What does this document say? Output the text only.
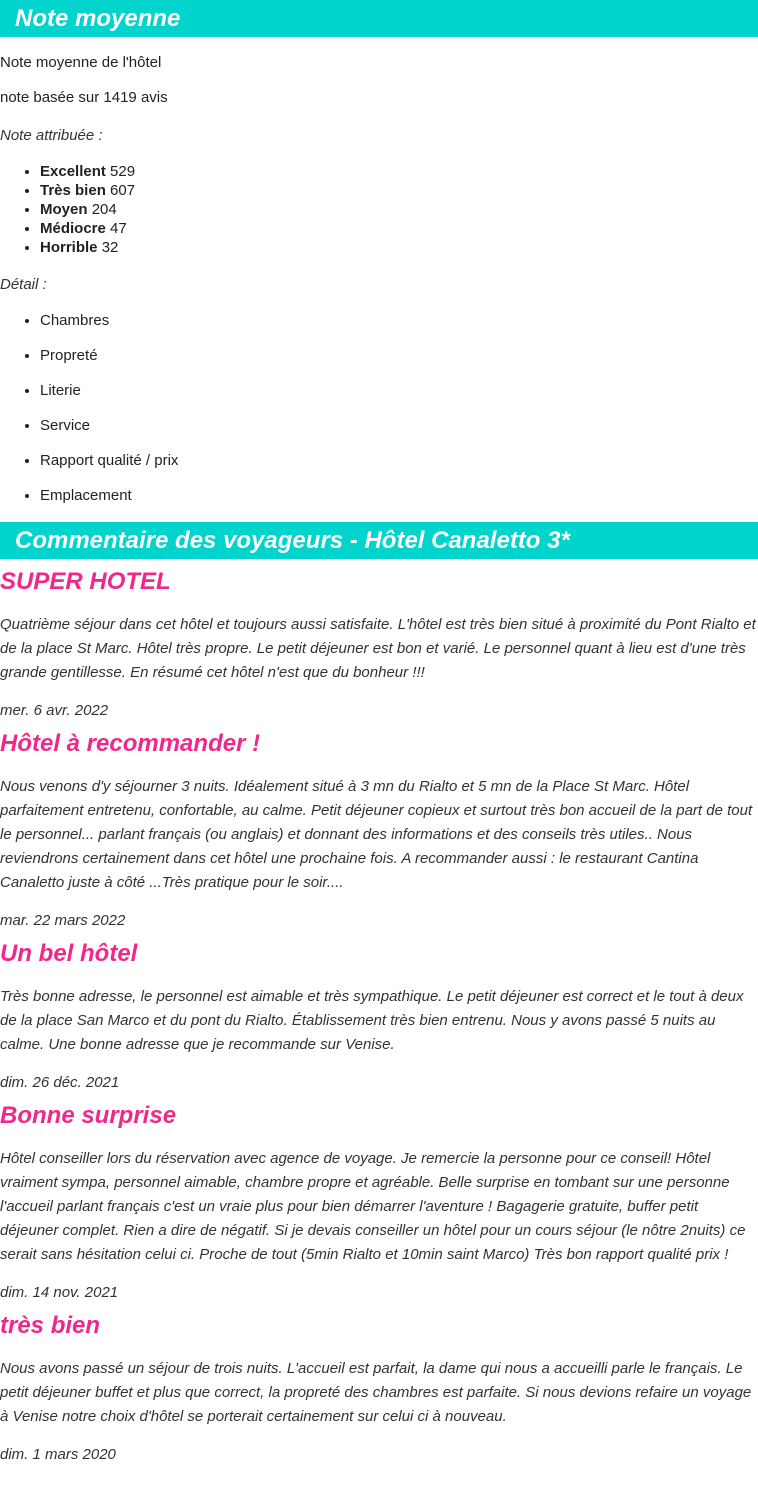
Note moyenne

Note moyenne de l'hôtel

note basée sur 1419 avis

Note attribuée :

• Excellent 529
• Très bien 607
• Moyen 204
• Médiocre 47
• Horrible 32

Détail :

• Chambres
• Propreté
• Literie
• Service
• Rapport qualité / prix
• Emplacement
Commentaire des voyageurs - Hôtel Canaletto 3*
SUPER HOTEL

Quatrième séjour dans cet hôtel et toujours aussi satisfaite. L'hôtel est très bien situé à proximité du Pont Rialto et de la place St Marc. Hôtel très propre. Le petit déjeuner est bon et varié. Le personnel quant à lieu est d'une très grande gentillesse. En résumé cet hôtel n'est que du bonheur !!!

mer. 6 avr. 2022

Hôtel à recommander !

Nous venons d'y séjourner 3 nuits. Idéalement situé à 3 mn du Rialto et 5 mn de la Place St Marc. Hôtel parfaitement entretenu, confortable, au calme. Petit déjeuner copieux et surtout très bon accueil de la part de tout le personnel... parlant français (ou anglais) et donnant des informations et des conseils très utiles.. Nous reviendrons certainement dans cet hôtel une prochaine fois. A recommander aussi : le restaurant Cantina Canaletto juste à côté ...Très pratique pour le soir....

mar. 22 mars 2022

Un bel hôtel

Très bonne adresse, le personnel est aimable et très sympathique. Le petit déjeuner est correct et le tout à deux de la place San Marco et du pont du Rialto. Établissement très bien entrenu. Nous y avons passé 5 nuits au calme. Une bonne adresse que je recommande sur Venise.

dim. 26 déc. 2021

Bonne surprise

Hôtel conseiller lors du réservation avec agence de voyage. Je remercie la personne pour ce conseil! Hôtel vraiment sympa, personnel aimable, chambre propre et agréable. Belle surprise en tombant sur une personne l'accueil parlant français c'est un vraie plus pour bien démarrer l'aventure ! Bagagerie gratuite, buffer petit déjeuner complet. Rien a dire de négatif. Si je devais conseiller un hôtel pour un cours séjour (le nôtre 2nuits) ce serait sans hésitation celui ci. Proche de tout (5min Rialto et 10min saint Marco) Très bon rapport qualité prix !

dim. 14 nov. 2021

très bien

Nous avons passé un séjour de trois nuits. L'accueil est parfait, la dame qui nous a accueilli parle le français. Le petit déjeuner buffet et plus que correct, la propreté des chambres est parfaite. Si nous devions refaire un voyage à Venise notre choix d'hôtel se porterait certainement sur celui ci à nouveau.

dim. 1 mars 2020
